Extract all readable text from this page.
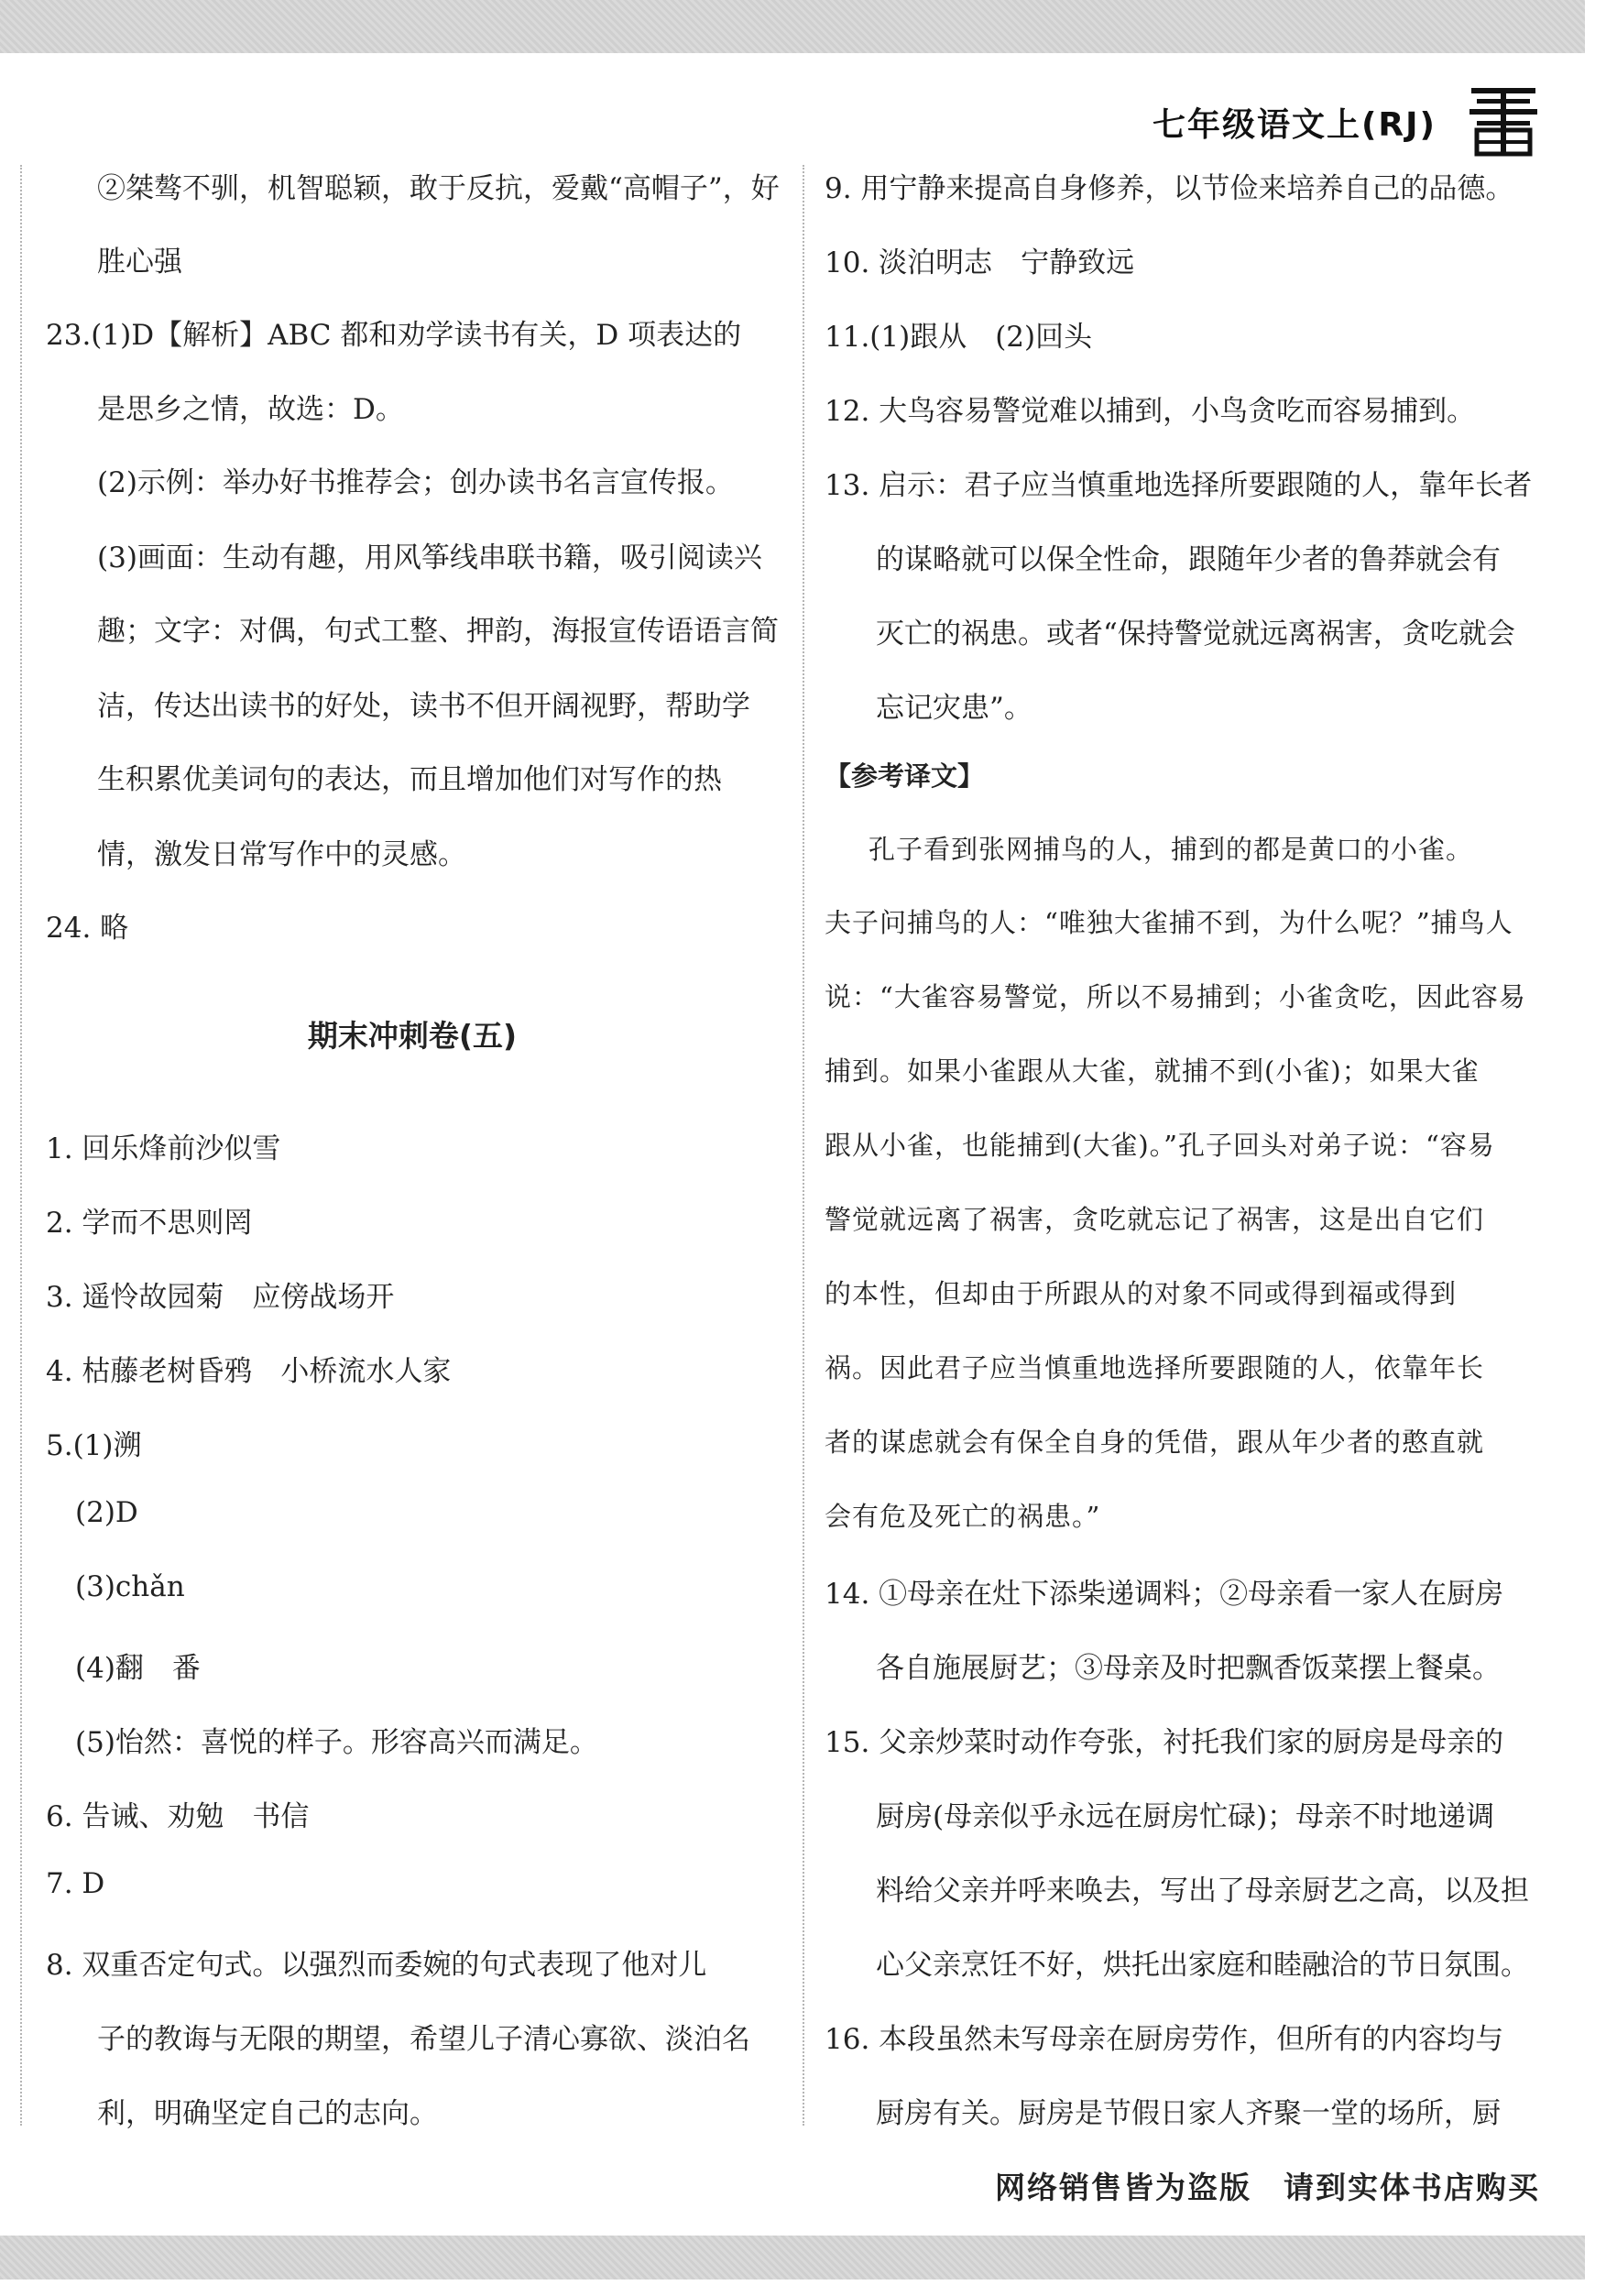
七年级语文上(RJ)
②桀骜不驯，机智聪颖，敢于反抗，爱戴“高帽子”，好
胜心强
23.(1)D【解析】ABC 都和劝学读书有关，D 项表达的
是思乡之情，故选：D。
(2)示例：举办好书推荐会；创办读书名言宣传报。
(3)画面：生动有趣，用风筝线串联书籍，吸引阅读兴
趣；文字：对偶，句式工整、押韵，海报宣传语语言简
洁，传达出读书的好处，读书不但开阔视野，帮助学
生积累优美词句的表达，而且增加他们对写作的热
情，激发日常写作中的灵感。
24. 略
期末冲刺卷(五)
1. 回乐烽前沙似雪
2. 学而不思则罔
3. 遥怜故园菊　应傍战场开
4. 枯藤老树昏鸦　小桥流水人家
5.(1)溯
(2)D
(3)chǎn
(4)翻　番
(5)怡然：喜悦的样子。形容高兴而满足。
6. 告诫、劝勉　书信
7. D
8. 双重否定句式。以强烈而委婉的句式表现了他对儿
子的教诲与无限的期望，希望儿子清心寡欲、淡泊名
利，明确坚定自己的志向。
9. 用宁静来提高自身修养，以节俭来培养自己的品德。
10. 淡泊明志　宁静致远
11.(1)跟从　(2)回头
12. 大鸟容易警觉难以捕到，小鸟贪吃而容易捕到。
13. 启示：君子应当慎重地选择所要跟随的人，靠年长者
的谋略就可以保全性命，跟随年少者的鲁莽就会有
灭亡的祸患。或者“保持警觉就远离祸害，贪吃就会
忘记灾患”。
【参考译文】
孔子看到张网捕鸟的人，捕到的都是黄口的小雀。
夫子问捕鸟的人：“唯独大雀捕不到，为什么呢？”捕鸟人
说：“大雀容易警觉，所以不易捕到；小雀贪吃，因此容易
捕到。如果小雀跟从大雀，就捕不到(小雀)；如果大雀
跟从小雀，也能捕到(大雀)。”孔子回头对弟子说：“容易
警觉就远离了祸害，贪吃就忘记了祸害，这是出自它们
的本性，但却由于所跟从的对象不同或得到福或得到
祸。因此君子应当慎重地选择所要跟随的人，依靠年长
者的谋虑就会有保全自身的凭借，跟从年少者的憨直就
会有危及死亡的祸患。”
14. ①母亲在灶下添柴递调料；②母亲看一家人在厨房
各自施展厨艺；③母亲及时把飘香饭菜摆上餐桌。
15. 父亲炒菜时动作夸张，衬托我们家的厨房是母亲的
厨房(母亲似乎永远在厨房忙碌)；母亲不时地递调
料给父亲并呼来唤去，写出了母亲厨艺之高，以及担
心父亲烹饪不好，烘托出家庭和睦融洽的节日氛围。
16. 本段虽然未写母亲在厨房劳作，但所有的内容均与
厨房有关。厨房是节假日家人齐聚一堂的场所，厨
网络销售皆为盗版　请到实体书店购买
